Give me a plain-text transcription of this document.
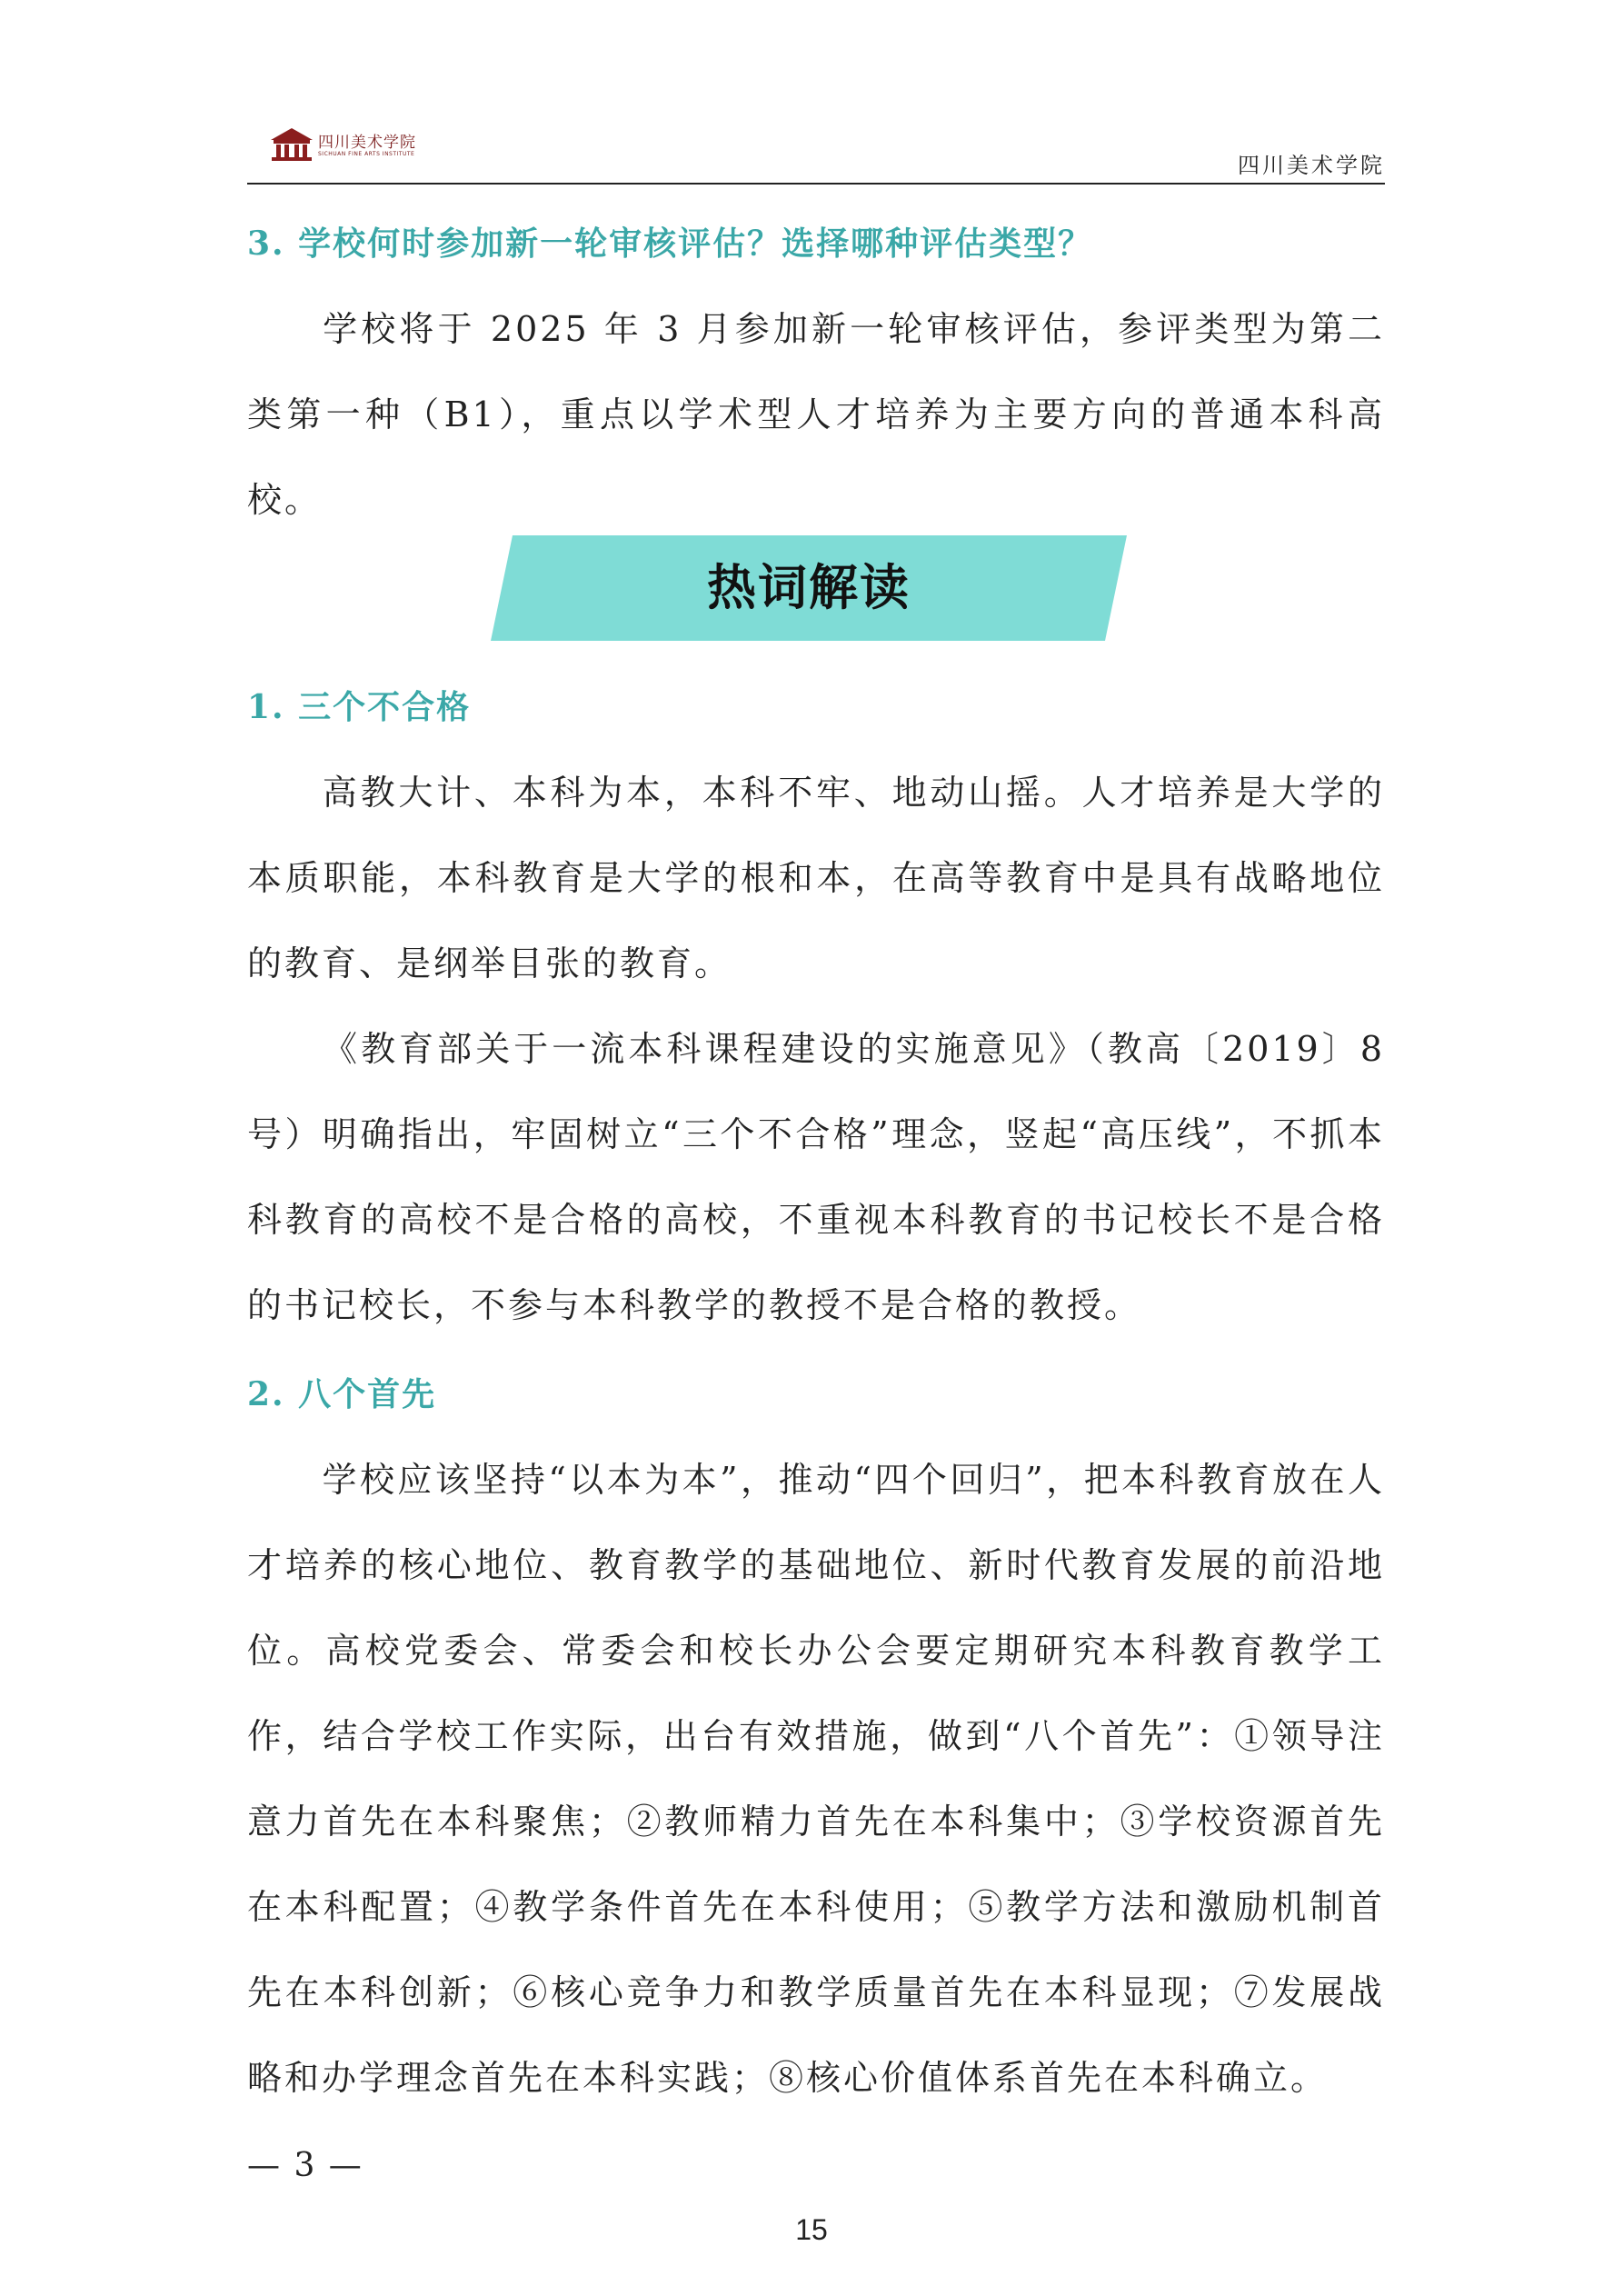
四川美术学院
SICHUAN FINE ARTS INSTITUTE	四川美术学院
3. 学校何时参加新一轮审核评估？选择哪种评估类型？

学校将于 2025 年 3 月参加新一轮审核评估，参评类型为第二类第一种（B1），重点以学术型人才培养为主要方向的普通本科高校。

热词解读
1. 三个不合格

高教大计、本科为本，本科不牢、地动山摇。人才培养是大学的本质职能，本科教育是大学的根和本，在高等教育中是具有战略地位的教育、是纲举目张的教育。

《教育部关于一流本科课程建设的实施意见》（教高〔2019〕8号）明确指出，牢固树立“三个不合格”理念，竖起“高压线”，不抓本科教育的高校不是合格的高校，不重视本科教育的书记校长不是合格的书记校长，不参与本科教学的教授不是合格的教授。

2. 八个首先

学校应该坚持“以本为本”，推动“四个回归”，把本科教育放在人才培养的核心地位、教育教学的基础地位、新时代教育发展的前沿地位。高校党委会、常委会和校长办公会要定期研究本科教育教学工作，结合学校工作实际，出台有效措施，做到“八个首先”：①领导注意力首先在本科聚焦；②教师精力首先在本科集中；③学校资源首先在本科配置；④教学条件首先在本科使用；⑤教学方法和激励机制首先在本科创新；⑥核心竞争力和教学质量首先在本科显现；⑦发展战略和办学理念首先在本科实践；⑧核心价值体系首先在本科确立。

— 3 —
15
